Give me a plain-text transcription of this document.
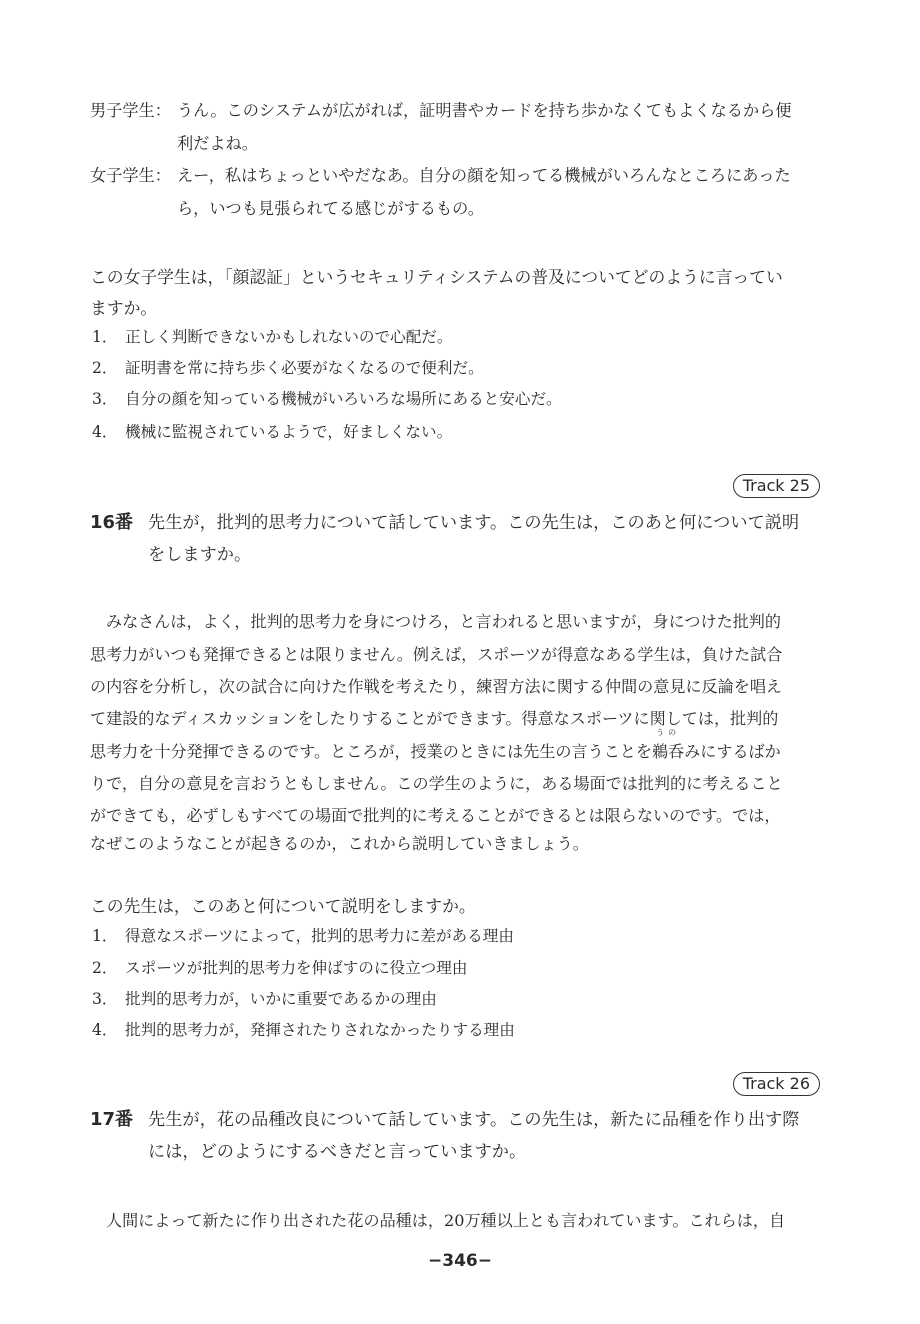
男子学生： うん。このシステムが広がれば，証明書やカードを持ち歩かなくてもよくなるから便
利だよね。
女子学生： えー，私はちょっといやだなあ。自分の顔を知ってる機械がいろんなところにあった
ら，いつも見張られてる感じがするもの。
この女子学生は，「顔認証」というセキュリティシステムの普及についてどのように言ってい
ますか。
1． 正しく判断できないかもしれないので心配だ。
2． 証明書を常に持ち歩く必要がなくなるので便利だ。
3． 自分の顔を知っている機械がいろいろな場所にあると安心だ。
4． 機械に監視されているようで，好ましくない。
Track 25
16番 先生が，批判的思考力について話しています。この先生は，このあと何について説明
をしますか。
みなさんは，よく，批判的思考力を身につけろ，と言われると思いますが，身につけた批判的
思考力がいつも発揮できるとは限りません。例えば，スポーツが得意なある学生は，負けた試合
の内容を分析し，次の試合に向けた作戦を考えたり，練習方法に関する仲間の意見に反論を唱え
て建設的なディスカッションをしたりすることができます。得意なスポーツに関しては，批判的
思考力を十分発揮できるのです。ところが，授業のときには先生の言うことを
うの
鵜呑みにするばか
りで，自分の意見を言おうともしません。この学生のように，ある場面では批判的に考えること
ができても，必ずしもすべての場面で批判的に考えることができるとは限らないのです。では，
なぜこのようなことが起きるのか，これから説明していきましょう。
この先生は，このあと何について説明をしますか。
1． 得意なスポーツによって，批判的思考力に差がある理由
2． スポーツが批判的思考力を伸ばすのに役立つ理由
3． 批判的思考力が，いかに重要であるかの理由
4． 批判的思考力が，発揮されたりされなかったりする理由
Track 26
17番 先生が，花の品種改良について話しています。この先生は，新たに品種を作り出す際
には，どのようにするべきだと言っていますか。
人間によって新たに作り出された花の品種は，20万種以上とも言われています。これらは，自
−346−
